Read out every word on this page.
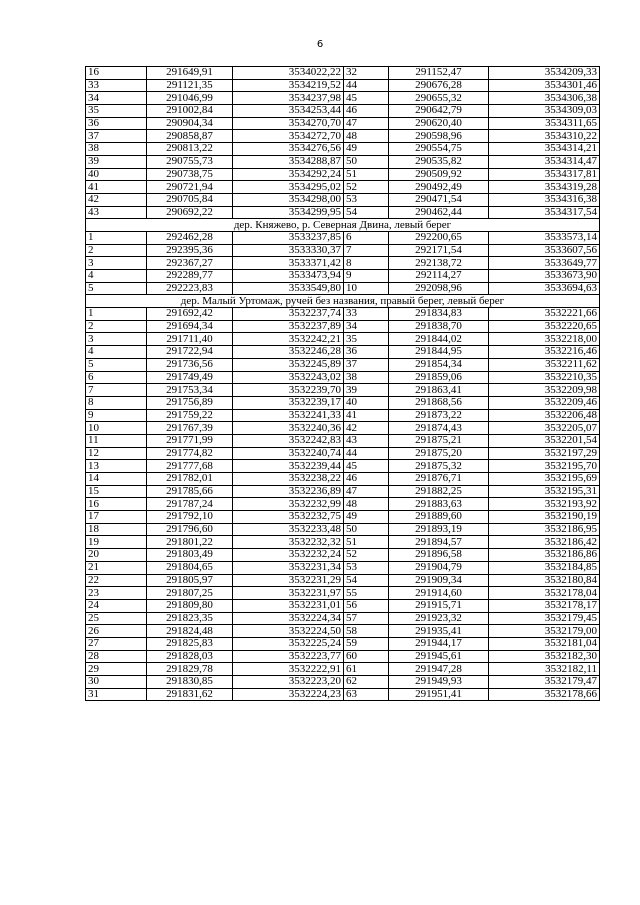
6
16	291649,91	3534022,22	32	291152,47	3534209,33
33	291121,35	3534219,52	44	290676,28	3534301,46
34	291046,99	3534237,98	45	290655,32	3534306,38
35	291002,84	3534253,44	46	290642,79	3534309,03
36	290904,34	3534270,70	47	290620,40	3534311,65
37	290858,87	3534272,70	48	290598,96	3534310,22
38	290813,22	3534276,56	49	290554,75	3534314,21
39	290755,73	3534288,87	50	290535,82	3534314,47
40	290738,75	3534292,24	51	290509,92	3534317,81
41	290721,94	3534295,02	52	290492,49	3534319,28
42	290705,84	3534298,00	53	290471,54	3534316,38
43	290692,22	3534299,95	54	290462,44	3534317,54
дер. Княжево, р. Северная Двина, левый берег					
1	292462,28	3533237,85	6	292200,65	3533573,14
2	292395,36	3533330,37	7	292171,54	3533607,56
3	292367,27	3533371,42	8	292138,72	3533649,77
4	292289,77	3533473,94	9	292114,27	3533673,90
5	292223,83	3533549,80	10	292098,96	3533694,63
дер. Малый Уртомаж, ручей без названия, правый берег, левый берег					
1	291692,42	3532237,74	33	291834,83	3532221,66
2	291694,34	3532237,89	34	291838,70	3532220,65
3	291711,40	3532242,21	35	291844,02	3532218,00
4	291722,94	3532246,28	36	291844,95	3532216,46
5	291736,56	3532245,89	37	291854,34	3532211,62
6	291749,49	3532243,02	38	291859,06	3532210,35
7	291753,34	3532239,70	39	291863,41	3532209,98
8	291756,89	3532239,17	40	291868,56	3532209,46
9	291759,22	3532241,33	41	291873,22	3532206,48
10	291767,39	3532240,36	42	291874,43	3532205,07
11	291771,99	3532242,83	43	291875,21	3532201,54
12	291774,82	3532240,74	44	291875,20	3532197,29
13	291777,68	3532239,44	45	291875,32	3532195,70
14	291782,01	3532238,22	46	291876,71	3532195,69
15	291785,66	3532236,89	47	291882,25	3532195,31
16	291787,24	3532232,99	48	291883,63	3532193,92
17	291792,10	3532232,75	49	291889,60	3532190,19
18	291796,60	3532233,48	50	291893,19	3532186,95
19	291801,22	3532232,32	51	291894,57	3532186,42
20	291803,49	3532232,24	52	291896,58	3532186,86
21	291804,65	3532231,34	53	291904,79	3532184,85
22	291805,97	3532231,29	54	291909,34	3532180,84
23	291807,25	3532231,97	55	291914,60	3532178,04
24	291809,80	3532231,01	56	291915,71	3532178,17
25	291823,35	3532224,34	57	291923,32	3532179,45
26	291824,48	3532224,50	58	291935,41	3532179,00
27	291825,83	3532225,24	59	291944,17	3532181,04
28	291828,03	3532223,77	60	291945,61	3532182,30
29	291829,78	3532222,91	61	291947,28	3532182,11
30	291830,85	3532223,20	62	291949,93	3532179,47
31	291831,62	3532224,23	63	291951,41	3532178,66
